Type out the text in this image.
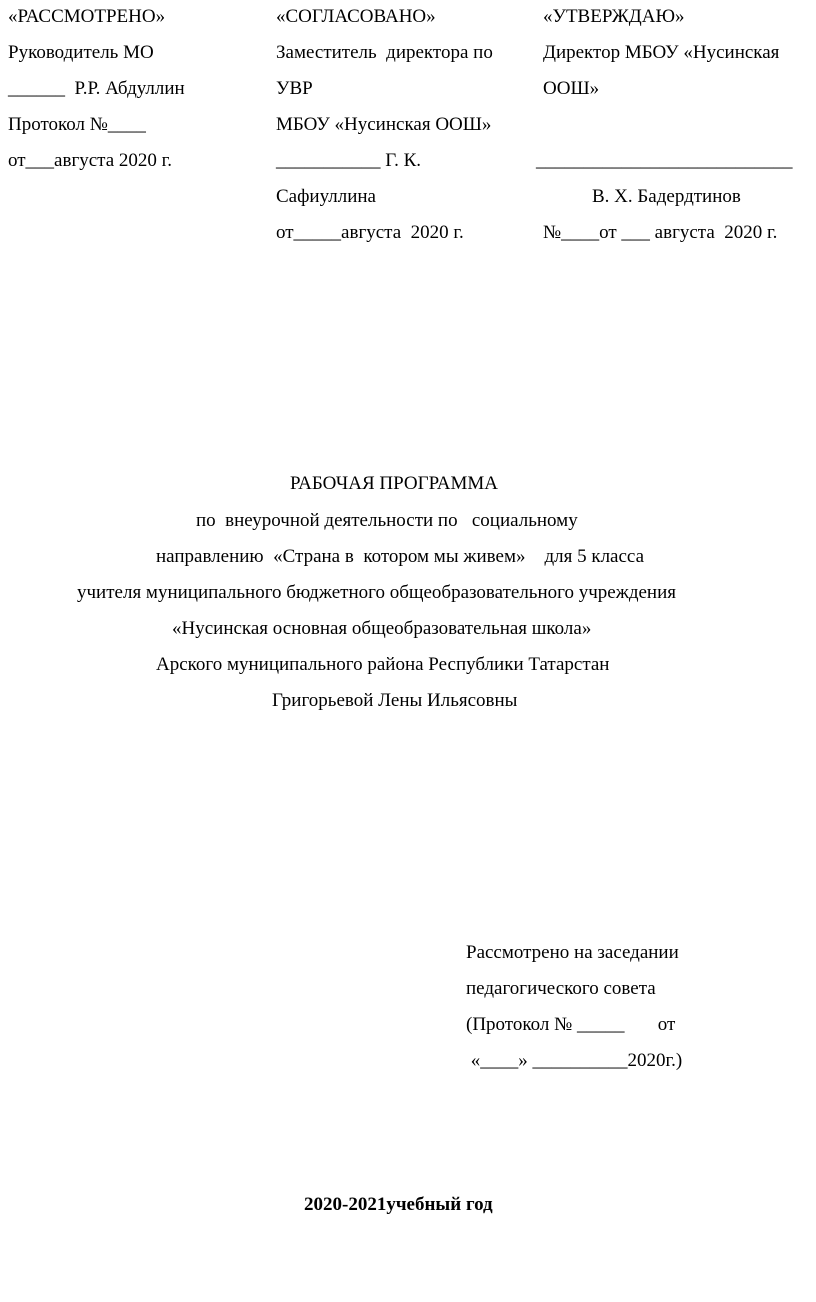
«РАССМОТРЕНО»
Руководитель МО
______  Р.Р. Абдуллин
Протокол №____
от___августа 2020 г.
«СОГЛАСОВАНО»
Заместитель  директора по
УВР
МБОУ «Нусинская ООШ»
___________ Г. К.
Сафиуллина
от_____августа  2020 г.
«УТВЕРЖДАЮ»
Директор МБОУ «Нусинская
ООШ»
___________________________
В. Х. Бадердтинов
№____от ___ августа  2020 г.
РАБОЧАЯ ПРОГРАММА
по  внеурочной деятельности по   социальному
направлению  «Страна в  котором мы живем»    для 5 класса
учителя муниципального бюджетного общеобразовательного учреждения
«Нусинская основная общеобразовательная школа»
Арского муниципального района Республики Татарстан
Григорьевой Лены Ильясовны
Рассмотрено на заседании
педагогического совета
(Протокол № _____       от
«____» __________2020г.)
2020-2021учебный год
